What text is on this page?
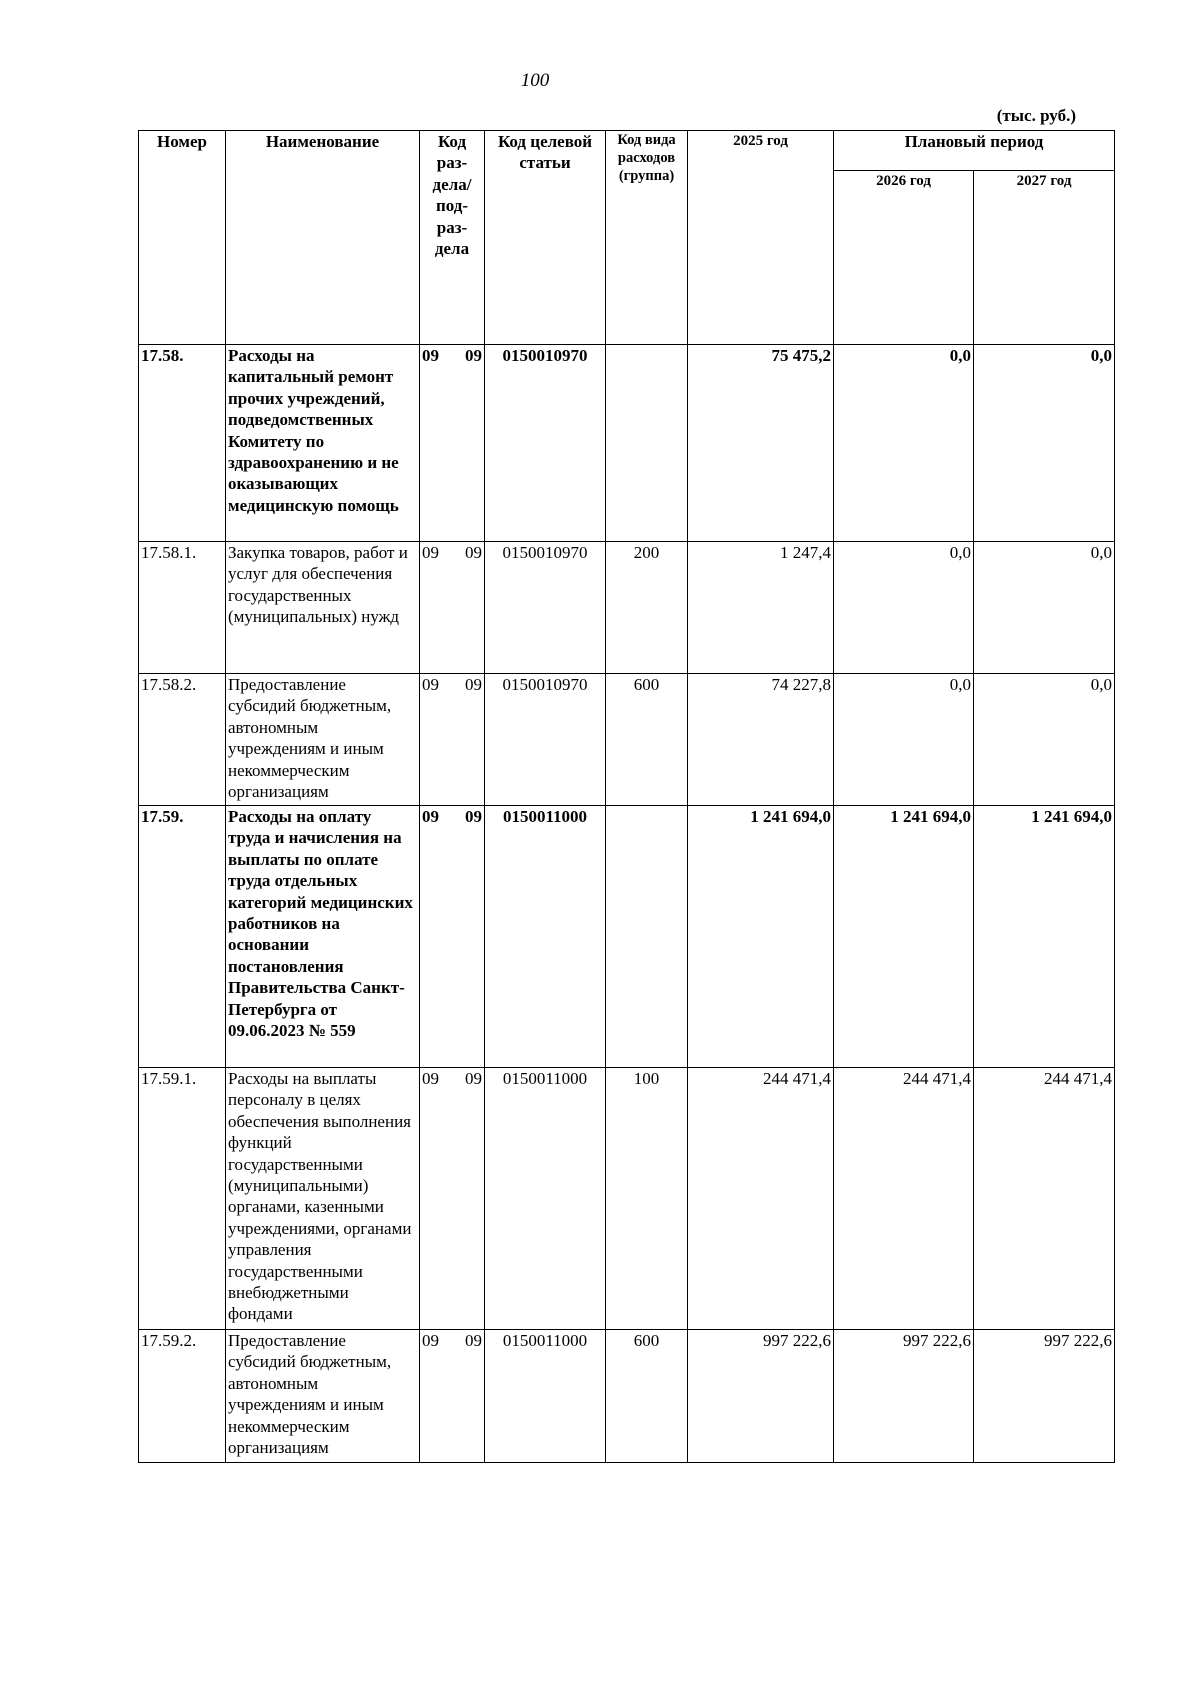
100
(тыс. руб.)
Номер	Наименование	Код раз-дела/ под-раз-дела	Код целевой статьи	Код вида расходов (группа)	2025 год	Плановый период	
						2026 год	2027 год
17.58.	Расходы на капитальный ремонт прочих учреждений, подведомственных Комитету по здравоохранению и не оказывающих медицинскую помощь	09 09	0150010970		75 475,2	0,0	0,0
17.58.1.	Закупка товаров, работ и услуг для обеспечения государственных (муниципальных) нужд	09 09	0150010970	200	1 247,4	0,0	0,0
17.58.2.	Предоставление субсидий бюджетным, автономным учреждениям и иным некоммерческим организациям	09 09	0150010970	600	74 227,8	0,0	0,0
17.59.	Расходы на оплату труда и начисления на выплаты по оплате труда отдельных категорий медицинских работников на основании постановления Правительства Санкт-Петербурга от 09.06.2023 № 559	09 09	0150011000		1 241 694,0	1 241 694,0	1 241 694,0
17.59.1.	Расходы на выплаты персоналу в целях обеспечения выполнения функций государственными (муниципальными) органами, казенными учреждениями, органами управления государственными внебюджетными фондами	09 09	0150011000	100	244 471,4	244 471,4	244 471,4
17.59.2.	Предоставление субсидий бюджетным, автономным учреждениям и иным некоммерческим организациям	09 09	0150011000	600	997 222,6	997 222,6	997 222,6
